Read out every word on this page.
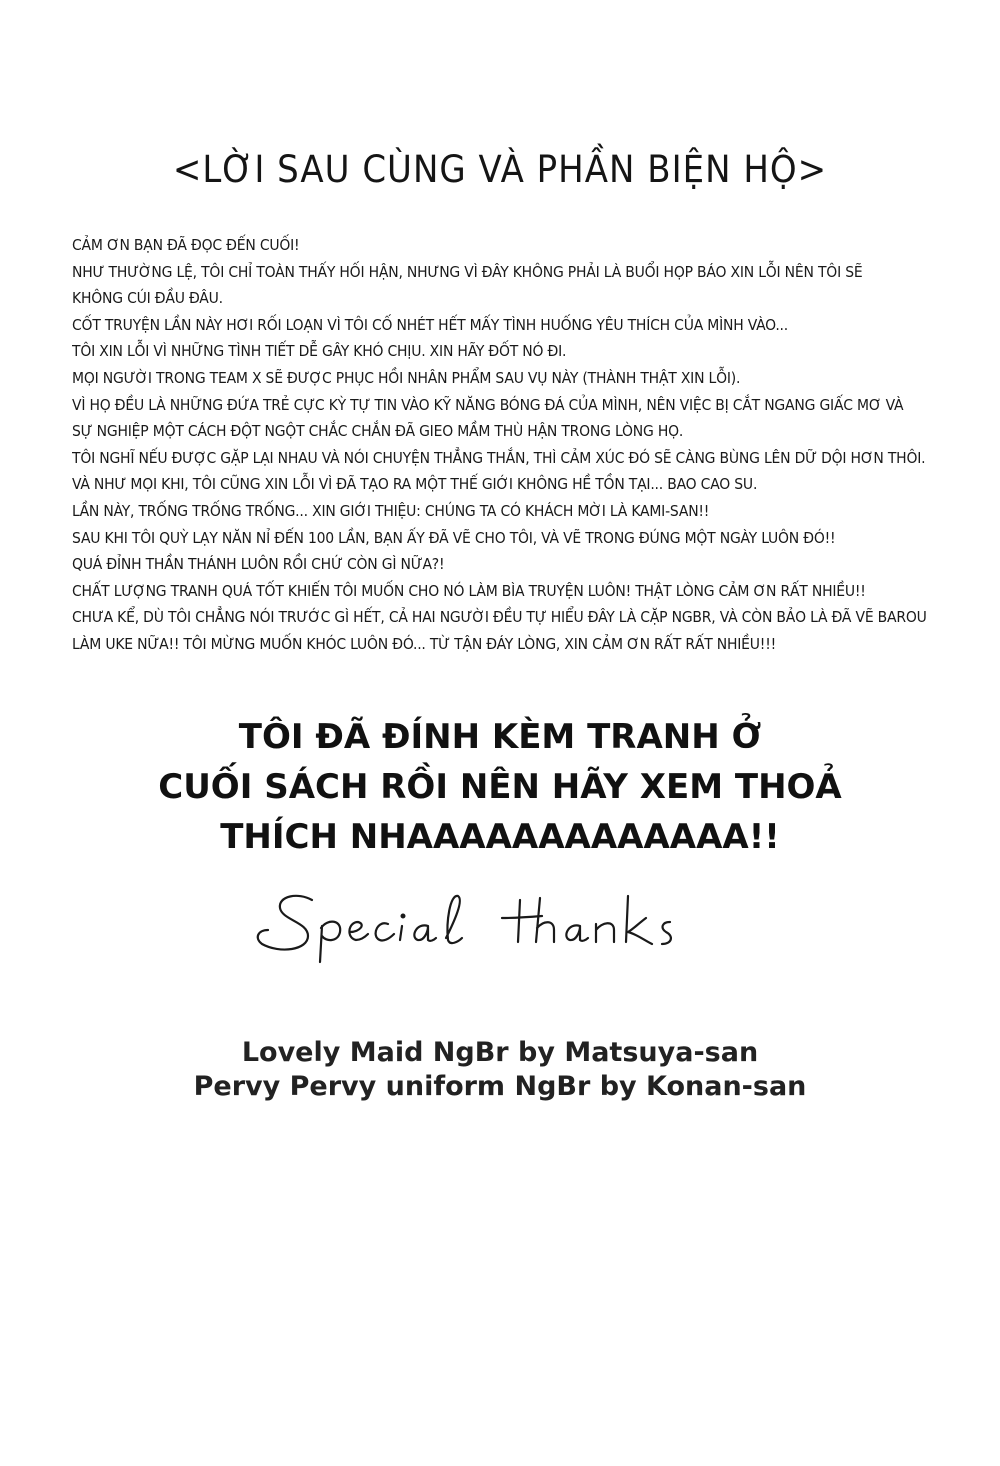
<LỜI SAU CÙNG VÀ PHẦN BIỆN HỘ>
CẢM ƠN BẠN ĐÃ ĐỌC ĐẾN CUỐI!
NHƯ THƯỜNG LỆ, TÔI CHỈ TOÀN THẤY HỐI HẬN, NHƯNG VÌ ĐÂY KHÔNG PHẢI LÀ BUỔI HỌP BÁO XIN LỖI NÊN TÔI SẼ
KHÔNG CÚI ĐẦU ĐÂU.
CỐT TRUYỆN LẦN NÀY HƠI RỐI LOẠN VÌ TÔI CỐ NHÉT HẾT MẤY TÌNH HUỐNG YÊU THÍCH CỦA MÌNH VÀO...
TÔI XIN LỖI VÌ NHỮNG TÌNH TIẾT DỄ GÂY KHÓ CHỊU. XIN HÃY ĐỐT NÓ ĐI.
MỌI NGƯỜI TRONG TEAM X SẼ ĐƯỢC PHỤC HỒI NHÂN PHẨM SAU VỤ NÀY (THÀNH THẬT XIN LỖI).
VÌ HỌ ĐỀU LÀ NHỮNG ĐỨA TRẺ CỰC KỲ TỰ TIN VÀO KỸ NĂNG BÓNG ĐÁ CỦA MÌNH, NÊN VIỆC BỊ CẮT NGANG GIẤC MƠ VÀ
SỰ NGHIỆP MỘT CÁCH ĐỘT NGỘT CHẮC CHẮN ĐÃ GIEO MẦM THÙ HẬN TRONG LÒNG HỌ.
TÔI NGHĨ NẾU ĐƯỢC GẶP LẠI NHAU VÀ NÓI CHUYỆN THẲNG THẮN, THÌ CẢM XÚC ĐÓ SẼ CÀNG BÙNG LÊN DỮ DỘI HƠN THÔI.
VÀ NHƯ MỌI KHI, TÔI CŨNG XIN LỖI VÌ ĐÃ TẠO RA MỘT THẾ GIỚI KHÔNG HỀ TỒN TẠI... BAO CAO SU.
LẦN NÀY, TRỐNG TRỐNG TRỐNG... XIN GIỚI THIỆU: CHÚNG TA CÓ KHÁCH MỜI LÀ KAMI-SAN!!
SAU KHI TÔI QUỲ LẠY NĂN NỈ ĐẾN 100 LẦN, BẠN ẤY ĐÃ VẼ CHO TÔI, VÀ VẼ TRONG ĐÚNG MỘT NGÀY LUÔN ĐÓ!!
QUÁ ĐỈNH THẦN THÁNH LUÔN RỒI CHỨ CÒN GÌ NỮA?!
CHẤT LƯỢNG TRANH QUÁ TỐT KHIẾN TÔI MUỐN CHO NÓ LÀM BÌA TRUYỆN LUÔN! THẬT LÒNG CẢM ƠN RẤT NHIỀU!!
CHƯA KỂ, DÙ TÔI CHẲNG NÓI TRƯỚC GÌ HẾT, CẢ HAI NGƯỜI ĐỀU TỰ HIỂU ĐÂY LÀ CẶP NGBR, VÀ CÒN BẢO LÀ ĐÃ VẼ BAROU
LÀM UKE NỮA!! TÔI MỪNG MUỐN KHÓC LUÔN ĐÓ... TỪ TẬN ĐÁY LÒNG, XIN CẢM ƠN RẤT RẤT NHIỀU!!!
TÔI ĐÃ ĐÍNH KÈM TRANH Ở
CUỐI SÁCH RỒI NÊN HÃY XEM THOẢ
THÍCH NHAAAAAAAAAAAAA!!
Lovely Maid NgBr by Matsuya-san
Pervy Pervy uniform NgBr by Konan-san
